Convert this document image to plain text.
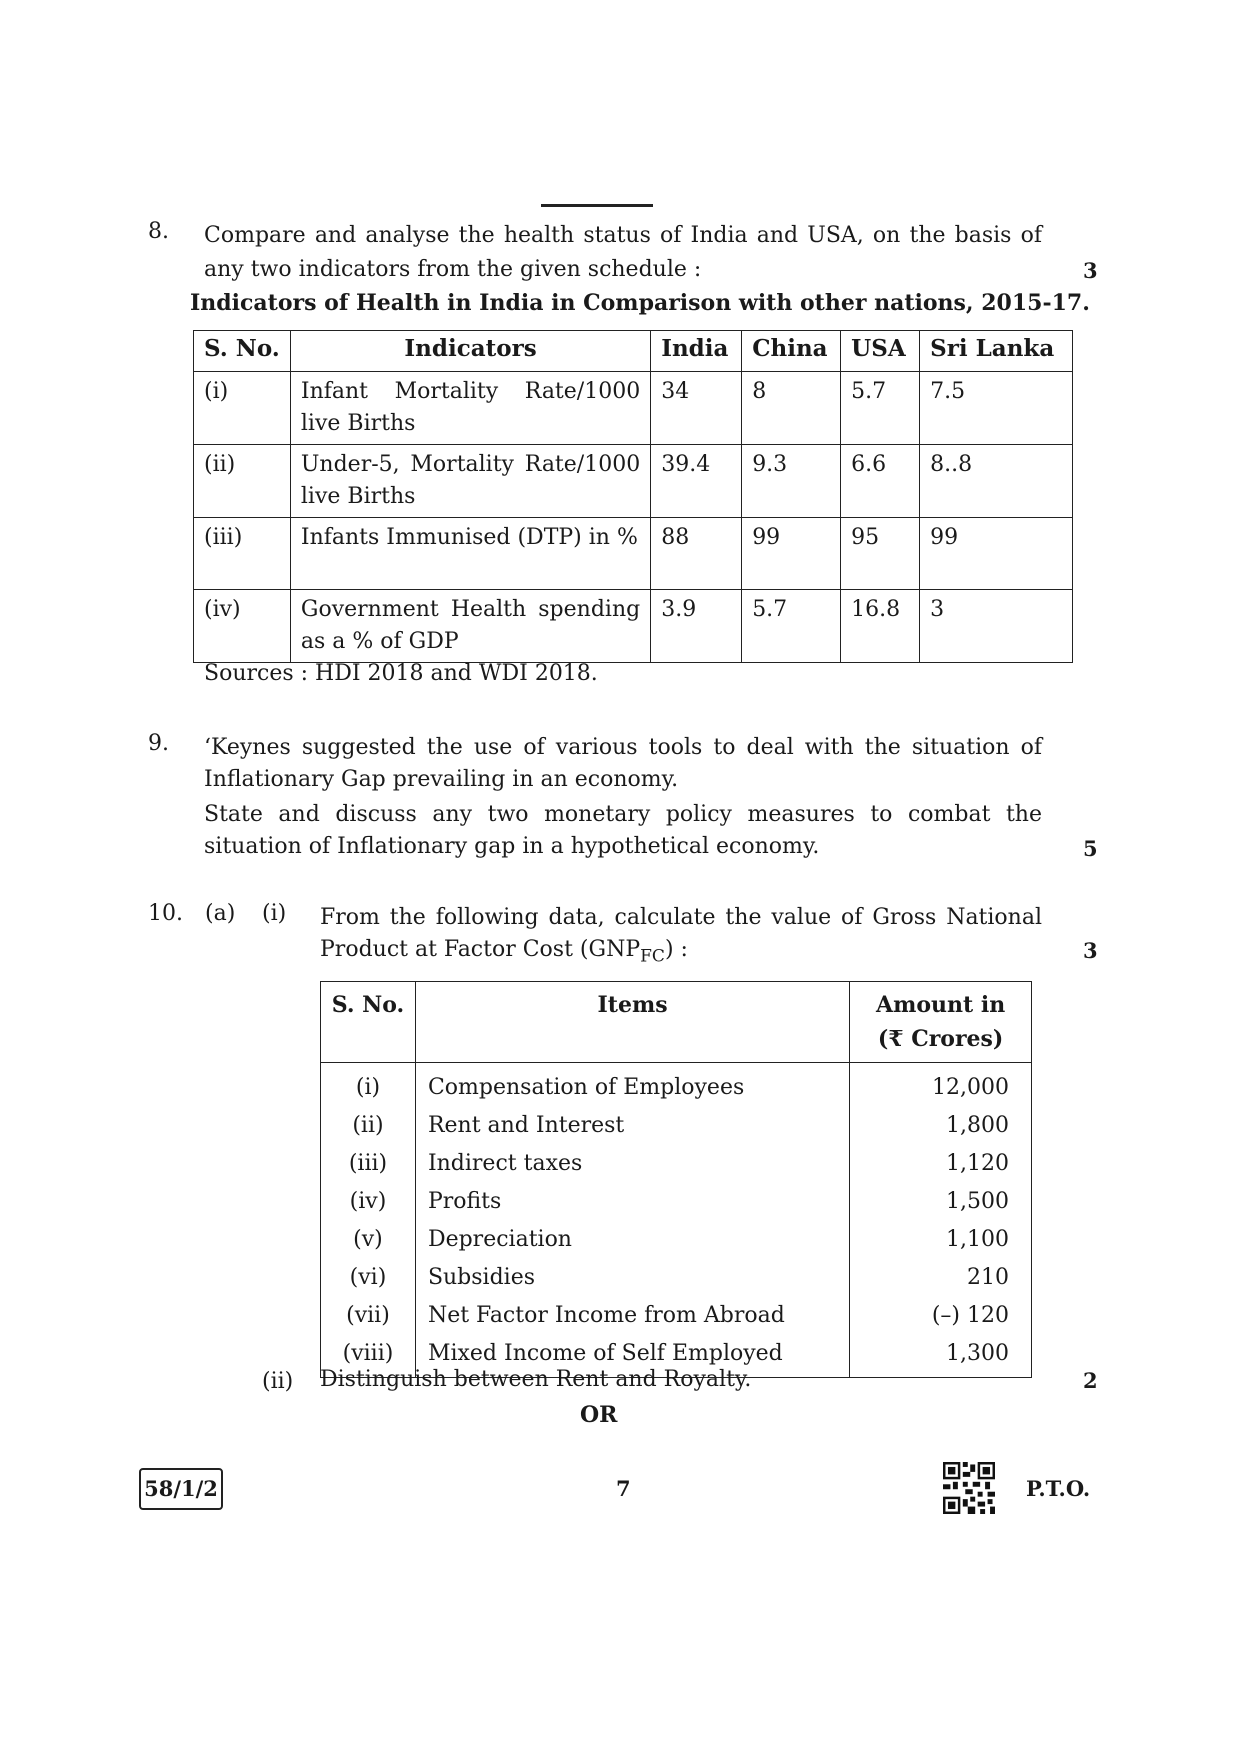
8. Compare and analyse the health status of India and USA, on the basis of
any two indicators from the given schedule :	3
Indicators of Health in India in Comparison with other nations, 2015-17.
S. No.	Indicators	India	China	USA	Sri Lanka
(i)	Infant Mortality Rate/1000 live Births	34	8	5.7	7.5
(ii)	Under-5, Mortality Rate/1000 live Births	39.4	9.3	6.6	8..8
(iii)	Infants Immunised (DTP) in %	88	99	95	99
(iv)	Government Health spending as a % of GDP	3.9	5.7	16.8	3
Sources : HDI 2018 and WDI 2018.
9. ‘Keynes suggested the use of various tools to deal with the situation of
Inflationary Gap prevailing in an economy.
State and discuss any two monetary policy measures to combat the
situation of Inflationary gap in a hypothetical economy.	5
10. (a) (i) From the following data, calculate the value of Gross National
Product at Factor Cost $(GNP_{FC})$ :	3
S. No.	Items	Amount in
(₹ Crores)
(i)	Compensation of Employees	12,000
(ii)	Rent and Interest	1,800
(iii)	Indirect taxes	1,120
(iv)	Profits	1,500
(v)	Depreciation	1,100
(vi)	Subsidies	210
(vii)	Net Factor Income from Abroad	(–) 120
(viii)	Mixed Income of Self Employed	1,300
(ii) Distinguish between Rent and Royalty.	2
OR
58/1/2	7	P.T.O.
